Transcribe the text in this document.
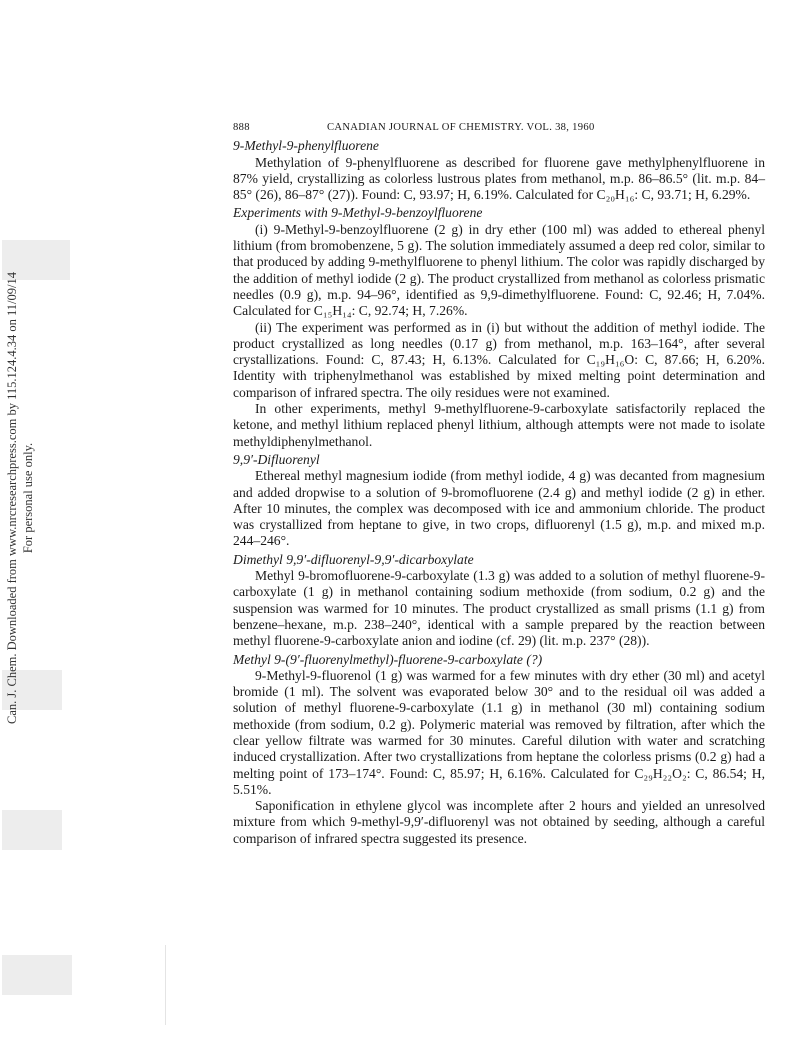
Can. J. Chem. Downloaded from www.nrcresearchpress.com by 115.124.4.34 on 11/09/14 For personal use only.
888	CANADIAN JOURNAL OF CHEMISTRY. VOL. 38, 1960
9-Methyl-9-phenylfluorene

Methylation of 9-phenylfluorene as described for fluorene gave methylphenylfluorene in 87% yield, crystallizing as colorless lustrous plates from methanol, m.p. 86–86.5° (lit. m.p. 84–85° (26), 86–87° (27)). Found: C, 93.97; H, 6.19%. Calculated for C₂₀H₁₆: C, 93.71; H, 6.29%.

Experiments with 9-Methyl-9-benzoylfluorene

(i) 9-Methyl-9-benzoylfluorene (2 g) in dry ether (100 ml) was added to ethereal phenyl lithium (from bromobenzene, 5 g). The solution immediately assumed a deep red color, similar to that produced by adding 9-methylfluorene to phenyl lithium. The color was rapidly discharged by the addition of methyl iodide (2 g). The product crystallized from methanol as colorless prismatic needles (0.9 g), m.p. 94–96°, identified as 9,9-dimethylfluorene. Found: C, 92.46; H, 7.04%. Calculated for C₁₅H₁₄: C, 92.74; H, 7.26%.

(ii) The experiment was performed as in (i) but without the addition of methyl iodide. The product crystallized as long needles (0.17 g) from methanol, m.p. 163–164°, after several crystallizations. Found: C, 87.43; H, 6.13%. Calculated for C₁₉H₁₆O: C, 87.66; H, 6.20%. Identity with triphenylmethanol was established by mixed melting point determination and comparison of infrared spectra. The oily residues were not examined.

In other experiments, methyl 9-methylfluorene-9-carboxylate satisfactorily replaced the ketone, and methyl lithium replaced phenyl lithium, although attempts were not made to isolate methyldiphenylmethanol.

9,9′-Difluorenyl

Ethereal methyl magnesium iodide (from methyl iodide, 4 g) was decanted from magnesium and added dropwise to a solution of 9-bromofluorene (2.4 g) and methyl iodide (2 g) in ether. After 10 minutes, the complex was decomposed with ice and ammonium chloride. The product was crystallized from heptane to give, in two crops, difluorenyl (1.5 g), m.p. and mixed m.p. 244–246°.

Dimethyl 9,9′-difluorenyl-9,9′-dicarboxylate

Methyl 9-bromofluorene-9-carboxylate (1.3 g) was added to a solution of methyl fluorene-9-carboxylate (1 g) in methanol containing sodium methoxide (from sodium, 0.2 g) and the suspension was warmed for 10 minutes. The product crystallized as small prisms (1.1 g) from benzene–hexane, m.p. 238–240°, identical with a sample prepared by the reaction between methyl fluorene-9-carboxylate anion and iodine (cf. 29) (lit. m.p. 237° (28)).

Methyl 9-(9′-fluorenylmethyl)-fluorene-9-carboxylate (?)

9-Methyl-9-fluorenol (1 g) was warmed for a few minutes with dry ether (30 ml) and acetyl bromide (1 ml). The solvent was evaporated below 30° and to the residual oil was added a solution of methyl fluorene-9-carboxylate (1.1 g) in methanol (30 ml) containing sodium methoxide (from sodium, 0.2 g). Polymeric material was removed by filtration, after which the clear yellow filtrate was warmed for 30 minutes. Careful dilution with water and scratching induced crystallization. After two crystallizations from heptane the colorless prisms (0.2 g) had a melting point of 173–174°. Found: C, 85.97; H, 6.16%. Calculated for C₂₉H₂₂O₂: C, 86.54; H, 5.51%.

Saponification in ethylene glycol was incomplete after 2 hours and yielded an unresolved mixture from which 9-methyl-9,9′-difluorenyl was not obtained by seeding, although a careful comparison of infrared spectra suggested its presence.
